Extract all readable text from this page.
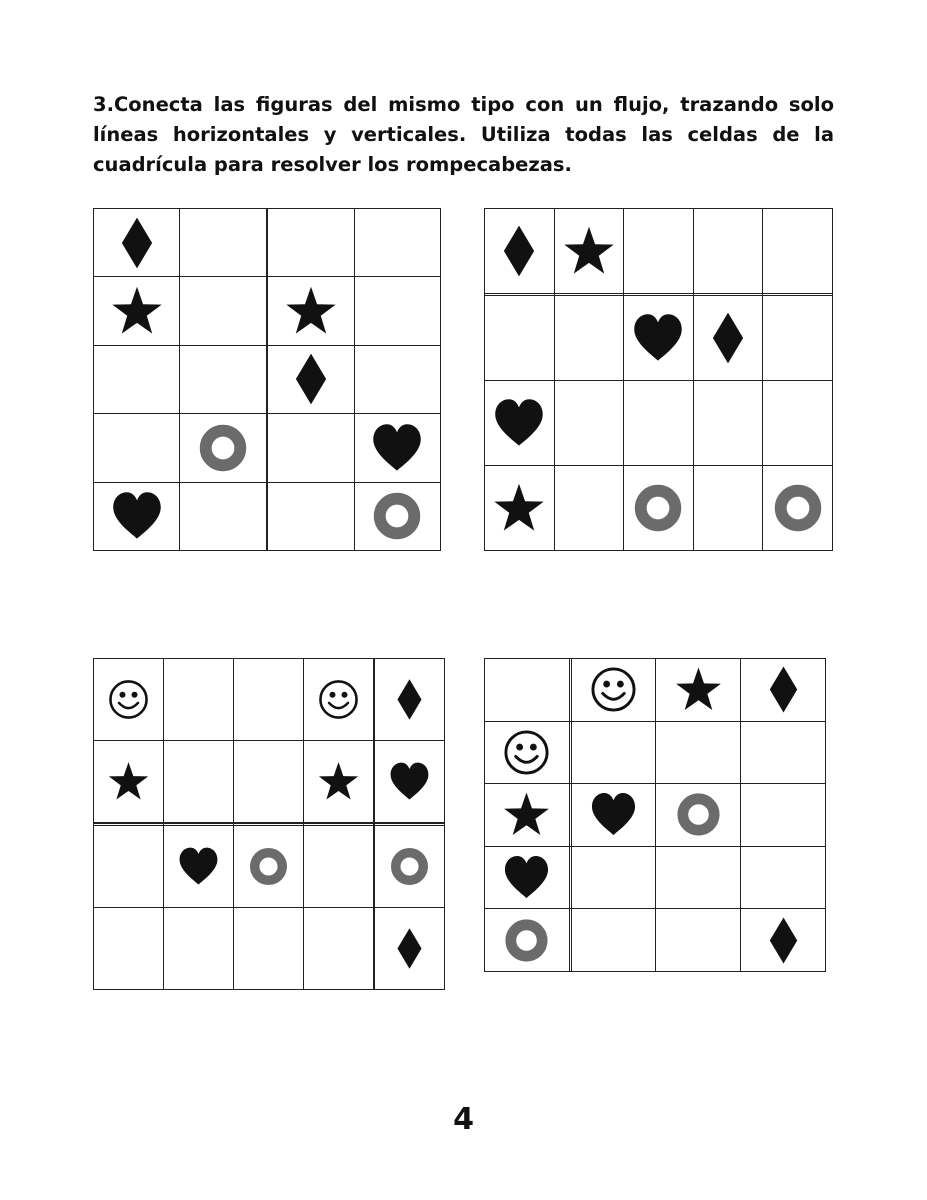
3.Conecta las figuras del mismo tipo con un flujo, trazando solo líneas horizontales y verticales. Utiliza todas las celdas de la cuadrícula para resolver los rompecabezas.

4
